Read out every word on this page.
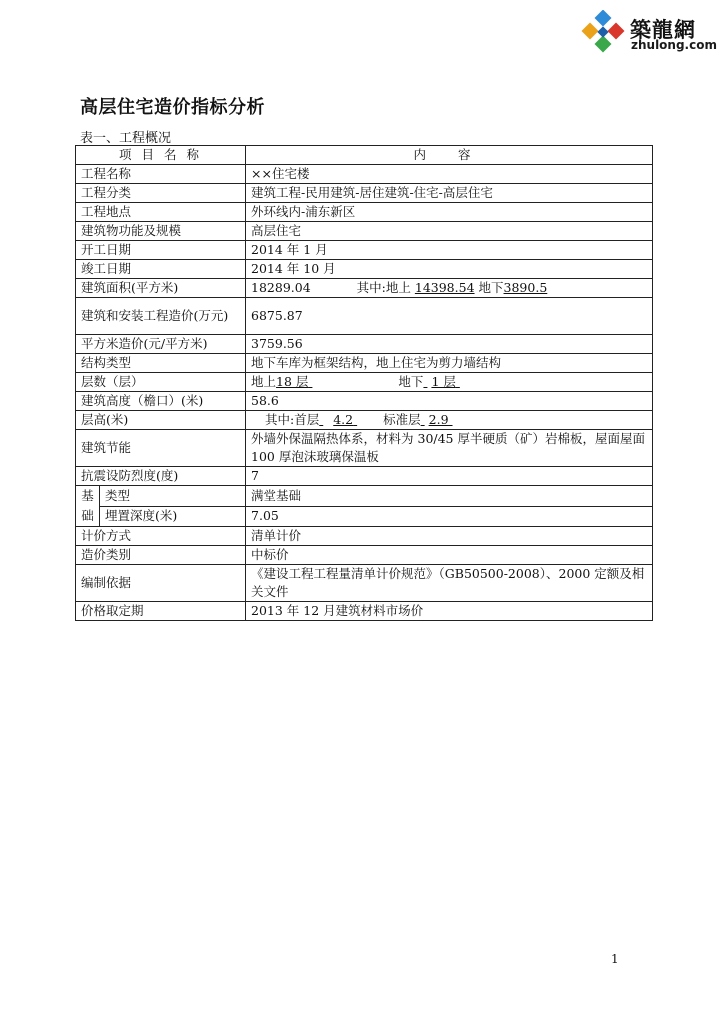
築龍網
zhulong.com
高层住宅造价指标分析
表一、工程概况
项 目 名 称		内 容
工程名称		××住宅楼
工程分类		建筑工程-民用建筑-居住建筑-住宅-高层住宅
工程地点		外环线内-浦东新区
建筑物功能及规模		高层住宅
开工日期		2014 年 1 月
竣工日期		2014 年 10 月
建筑面积(平方米)		18289.04 其中:地上 14398.54 地下3890.5
建筑和安装工程造价(万元)		6875.87
平方米造价(元/平方米)		3759.56
结构类型		地下车库为框架结构，地上住宅为剪力墙结构
层数（层）		地上18 层 地下 1 层
建筑高度（檐口）(米)		58.6
层高(米)		其中:首层 4.2 标准层 2.9
建筑节能		外墙外保温隔热体系，材料为 30/45 厚半硬质（矿）岩棉板，屋面屋面 100 厚泡沫玻璃保温板
抗震设防烈度(度)		7
基
础	类型	满堂基础
	埋置深度(米)	7.05
计价方式		清单计价
造价类别		中标价
编制依据		《建设工程工程量清单计价规范》（GB50500-2008）、2000 定额及相关文件
价格取定期		2013 年 12 月建筑材料市场价
1
